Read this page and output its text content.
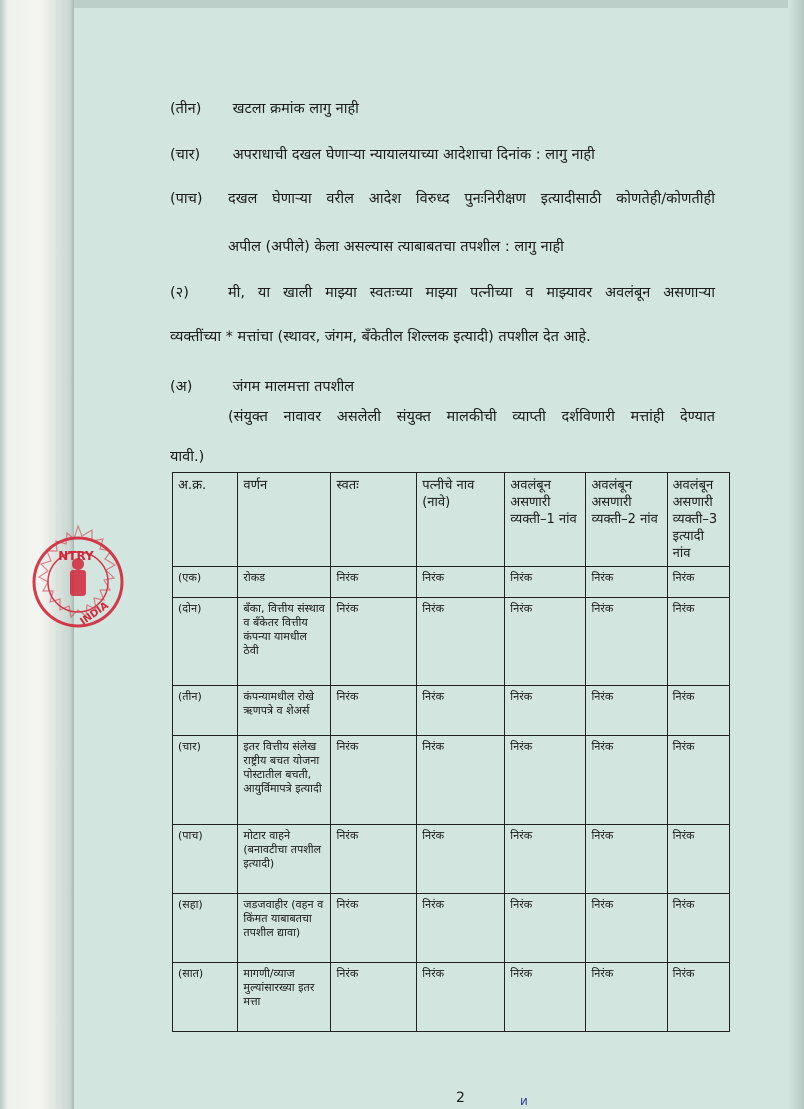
(तीन) खटला क्रमांक लागु नाही
(चार) अपराधाची दखल घेणाऱ्या न्यायालयाच्या आदेशाचा दिनांक : लागु नाही
(पाच)	दखल घेणाऱ्या वरील आदेश विरुध्द पुनःनिरीक्षण इत्यादीसाठी कोणतेही/कोणतीही
अपील (अपीले) केला असल्यास त्याबाबतचा तपशील : लागु नाही
(२)	मी, या खाली माझ्या स्वतःच्या माझ्या पत्नीच्या व माझ्यावर अवलंबून असणाऱ्या
व्यक्तींच्या * मत्तांचा (स्थावर, जंगम, बँकेतील शिल्लक इत्यादी) तपशील देत आहे.
(अ)	जंगम मालमत्ता तपशील
(संयुक्त नावावर असलेली संयुक्त मालकीची व्याप्ती दर्शविणारी मत्तांही देण्यात
यावी.)
अ.क्र.	वर्णन	स्वतः	पत्नीचे नाव (नावे)	अवलंबून असणारी व्यक्ती–1 नांव	अवलंबून असणारी व्यक्ती–2 नांव	अवलंबून असणारी व्यक्ती–3 इत्यादी नांव
(एक)	रोकड	निरंक	निरंक	निरंक	निरंक	निरंक
(दोन)	बँका, वित्तीय संस्थाव व बँकेतर वित्तीय कंपन्या यामधील ठेवी	निरंक	निरंक	निरंक	निरंक	निरंक
(तीन)	कंपन्यामधील रोखे ऋणपत्रे व शेअर्स	निरंक	निरंक	निरंक	निरंक	निरंक
(चार)	इतर वित्तीय संलेख राष्ट्रीय बचत योजना पोस्टातील बचती, आयुर्विमापत्रे इत्यादी	निरंक	निरंक	निरंक	निरंक	निरंक
(पाच)	मोटार वाहने (बनावटीचा तपशील इत्यादी)	निरंक	निरंक	निरंक	निरंक	निरंक
(सहा)	जडजवाहीर (वहन व किंमत याबाबतचा तपशील द्यावा)	निरंक	निरंक	निरंक	निरंक	निरंक
(सात)	मागणी/व्याज मुल्यांसारख्या इतर मत्ता	निरंक	निरंक	निरंक	निरंक	निरंक
NTRY
INDIA
2	ᴎ
